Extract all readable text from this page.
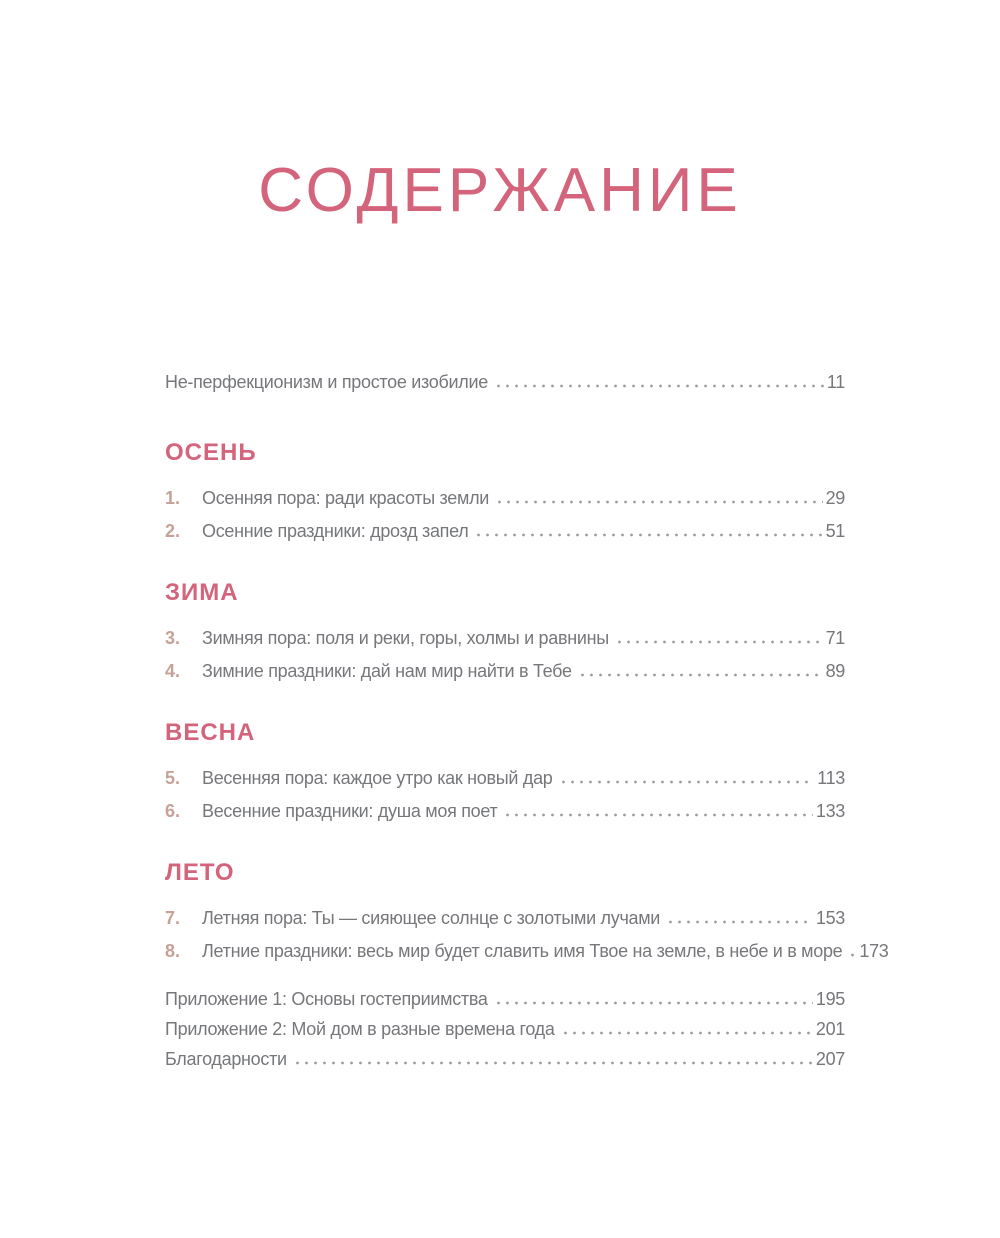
СОДЕРЖАНИЕ
Не-перфекционизм и простое изобилие	11
ОСЕНЬ
1.	Осенняя пора: ради красоты земли	29
2.	Осенние праздники: дрозд запел	51
ЗИМА
3.	Зимняя пора: поля и реки, горы, холмы и равнины	71
4.	Зимние праздники: дай нам мир найти в Тебе	89
ВЕСНА
5.	Весенняя пора: каждое утро как новый дар	113
6.	Весенние праздники: душа моя поет	133
ЛЕТО
7.	Летняя пора: Ты — сияющее солнце с золотыми лучами	153
8.	Летние праздники: весь мир будет славить имя Твое на земле, в небе и в море 173
Приложение 1: Основы гостеприимства	195
Приложение 2: Мой дом в разные времена года	201
Благодарности	207
